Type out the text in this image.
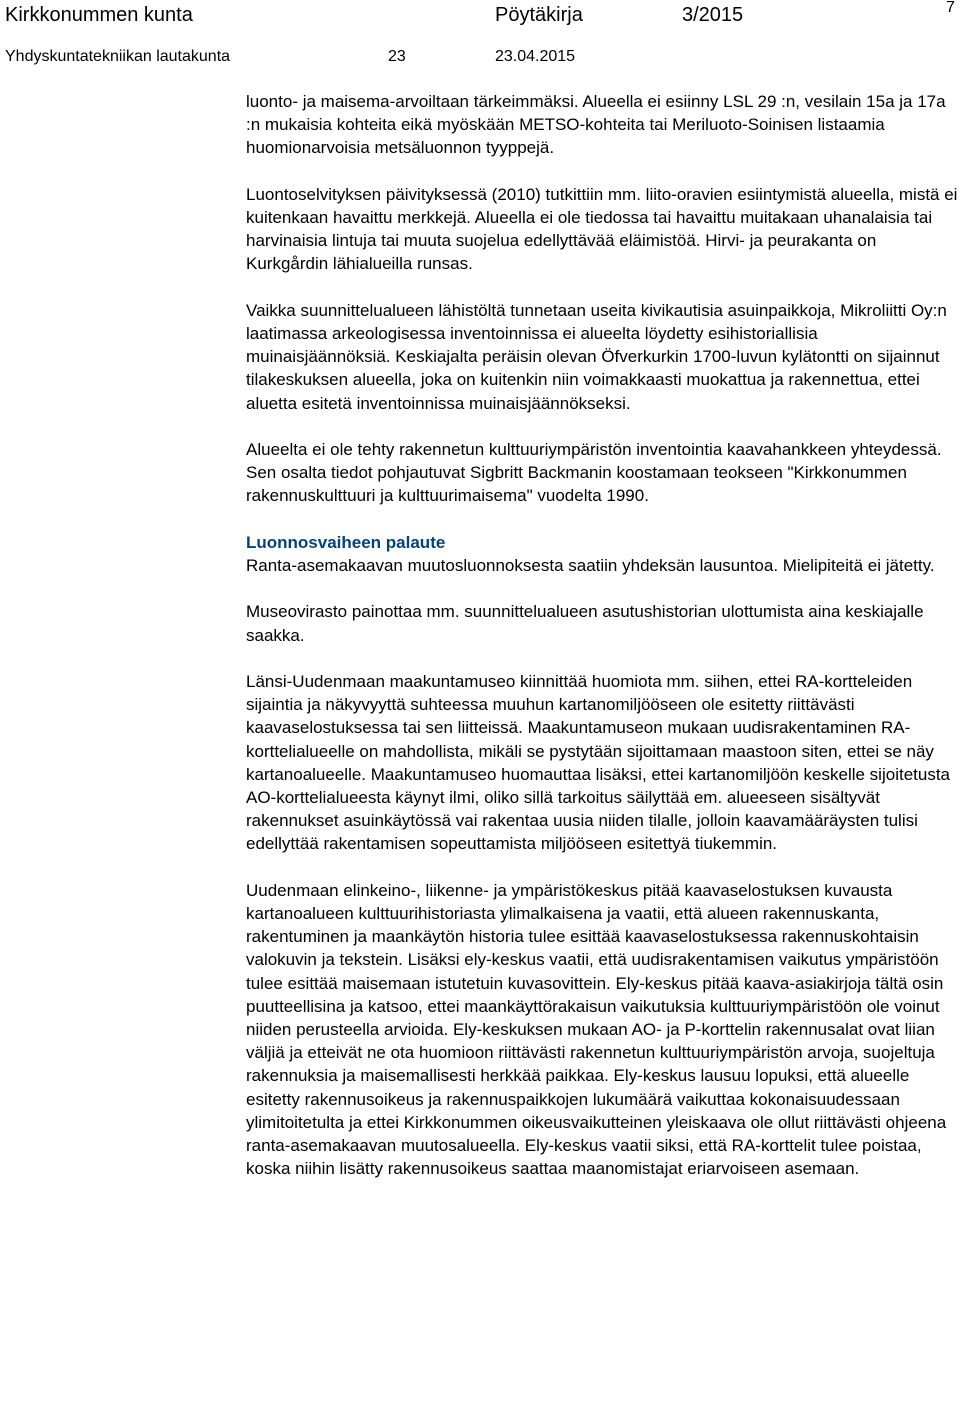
Kirkkonummen kunta	Pöytäkirja	3/2015	7
Yhdyskuntatekniikan lautakunta	23	23.04.2015

luonto- ja maisema-arvoiltaan tärkeimmäksi. Alueella ei esiinny LSL 29 :n, vesilain 15a ja 17a :n mukaisia kohteita eikä myöskään METSO-kohteita tai Meriluoto-Soinisen listaamia huomionarvoisia metsäluonnon tyyppejä.

Luontoselvityksen päivityksessä (2010) tutkittiin mm. liito-oravien esiintymistä alueella, mistä ei kuitenkaan havaittu merkkejä. Alueella ei ole tiedossa tai havaittu muitakaan uhanalaisia tai harvinaisia lintuja tai muuta suojelua edellyttävää eläimistöä. Hirvi- ja peurakanta on Kurkgårdin lähialueilla runsas.

Vaikka suunnittelualueen lähistöltä tunnetaan useita kivikautisia asuinpaikkoja, Mikroliitti Oy:n laatimassa arkeologisessa inventoinnissa ei alueelta löydetty esihistoriallisia muinaisjäännöksiä. Keskiajalta peräisin olevan Öfverkurkin 1700-luvun kylätontti on sijainnut tilakeskuksen alueella, joka on kuitenkin niin voimakkaasti muokattua ja rakennettua, ettei aluetta esitetä inventoinnissa muinaisjäännökseksi.

Alueelta ei ole tehty rakennetun kulttuuriympäristön inventointia kaavahankkeen yhteydessä. Sen osalta tiedot pohjautuvat Sigbritt Backmanin koostamaan teokseen "Kirkkonummen rakennuskulttuuri ja kulttuurimaisema" vuodelta 1990.

Luonnosvaiheen palaute

Ranta-asemakaavan muutosluonnoksesta saatiin yhdeksän lausuntoa. Mielipiteitä ei jätetty.

Museovirasto painottaa mm. suunnittelualueen asutushistorian ulottumista aina keskiajalle saakka.

Länsi-Uudenmaan maakuntamuseo kiinnittää huomiota mm. siihen, ettei RA-kortteleiden sijaintia ja näkyvyyttä suhteessa muuhun kartanomiljööseen ole esitetty riittävästi kaavaselostuksessa tai sen liitteissä. Maakuntamuseon mukaan uudisrakentaminen RA-korttelialueelle on mahdollista, mikäli se pystytään sijoittamaan maastoon siten, ettei se näy kartanoalueelle. Maakuntamuseo huomauttaa lisäksi, ettei kartanomiljöön keskelle sijoitetusta AO-korttelialueesta käynyt ilmi, oliko sillä tarkoitus säilyttää em. alueeseen sisältyvät rakennukset asuinkäytössä vai rakentaa uusia niiden tilalle, jolloin kaavamääräysten tulisi edellyttää rakentamisen sopeuttamista miljööseen esitettyä tiukemmin.

Uudenmaan elinkeino-, liikenne- ja ympäristökeskus pitää kaavaselostuksen kuvausta kartanoalueen kulttuurihistoriasta ylimalkaisena ja vaatii, että alueen rakennuskanta, rakentuminen ja maankäytön historia tulee esittää kaavaselostuksessa rakennuskohtaisin valokuvin ja tekstein. Lisäksi ely-keskus vaatii, että uudisrakentamisen vaikutus ympäristöön tulee esittää maisemaan istutetuin kuvasovittein. Ely-keskus pitää kaava-asiakirjoja tältä osin puutteellisina ja katsoo, ettei maankäyttörakaisun vaikutuksia kulttuuriympäristöön ole voinut niiden perusteella arvioida. Ely-keskuksen mukaan AO- ja P-korttelin rakennusalat ovat liian väljiä ja etteivät ne ota huomioon riittävästi rakennetun kulttuuriympäristön arvoja, suojeltuja rakennuksia ja maisemallisesti herkkää paikkaa. Ely-keskus lausuu lopuksi, että alueelle esitetty rakennusoikeus ja rakennuspaikkojen lukumäärä vaikuttaa kokonaisuudessaan ylimitoitetulta ja ettei Kirkkonummen oikeusvaikutteinen yleiskaava ole ollut riittävästi ohjeena ranta-asemakaavan muutosalueella. Ely-keskus vaatii siksi, että RA-korttelit tulee poistaa, koska niihin lisätty rakennusoikeus saattaa maanomistajat eriarvoiseen asemaan.
